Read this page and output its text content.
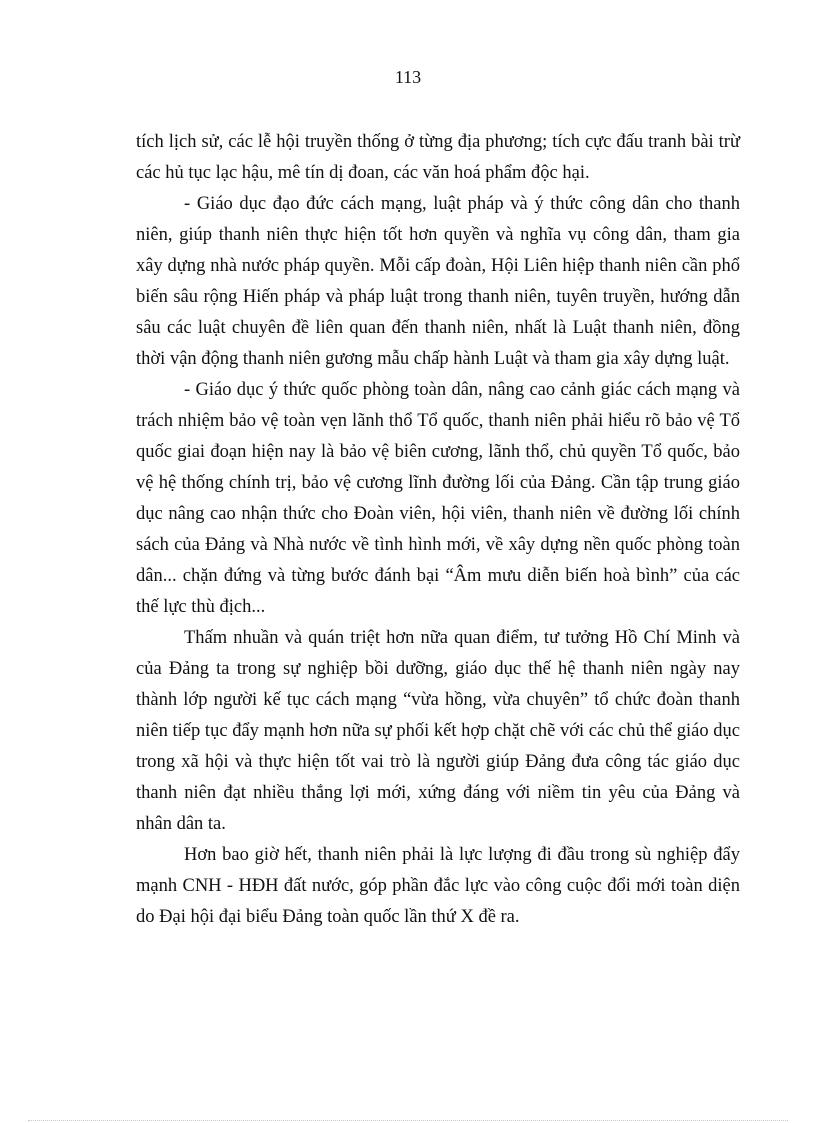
113

tích lịch sử, các lễ hội truyền thống ở từng địa phương; tích cực đấu tranh bài trừ các hủ tục lạc hậu, mê tín dị đoan, các văn hoá phẩm độc hại.

- Giáo dục đạo đức cách mạng, luật pháp và ý thức công dân cho thanh niên, giúp thanh niên thực hiện tốt hơn quyền và nghĩa vụ công dân, tham gia xây dựng nhà nước pháp quyền. Mỗi cấp đoàn, Hội Liên hiệp thanh niên cần phổ biến sâu rộng Hiến pháp và pháp luật trong thanh niên, tuyên truyền, hướng dẫn sâu các luật chuyên đề liên quan đến thanh niên, nhất là Luật thanh niên, đồng thời vận động thanh niên gương mẫu chấp hành Luật và tham gia xây dựng luật.

- Giáo dục ý thức quốc phòng toàn dân, nâng cao cảnh giác cách mạng và trách nhiệm bảo vệ toàn vẹn lãnh thổ Tổ quốc, thanh niên phải hiểu rõ bảo vệ Tổ quốc giai đoạn hiện nay là bảo vệ biên cương, lãnh thổ, chủ quyền Tổ quốc, bảo vệ hệ thống chính trị, bảo vệ cương lĩnh đường lối của Đảng. Cần tập trung giáo dục nâng cao nhận thức cho Đoàn viên, hội viên, thanh niên về đường lối chính sách của Đảng và Nhà nước về tình hình mới, về xây dựng nền quốc phòng toàn dân... chặn đứng và từng bước đánh bại “Âm mưu diễn biến hoà bình” của các thế lực thù địch...

Thấm nhuần và quán triệt hơn nữa quan điểm, tư tưởng Hồ Chí Minh và của Đảng ta trong sự nghiệp bồi dưỡng, giáo dục thế hệ thanh niên ngày nay thành lớp người kế tục cách mạng “vừa hồng, vừa chuyên” tổ chức đoàn thanh niên tiếp tục đẩy mạnh hơn nữa sự phối kết hợp chặt chẽ với các chủ thể giáo dục trong xã hội và thực hiện tốt vai trò là người giúp Đảng đưa công tác giáo dục thanh niên đạt nhiều thắng lợi mới, xứng đáng với niềm tin yêu của Đảng và nhân dân ta.

Hơn bao giờ hết, thanh niên phải là lực lượng đi đầu trong sù nghiệp đẩy mạnh CNH - HĐH đất nước, góp phần đắc lực vào công cuộc đổi mới toàn diện do Đại hội đại biểu Đảng toàn quốc lần thứ X đề ra.
